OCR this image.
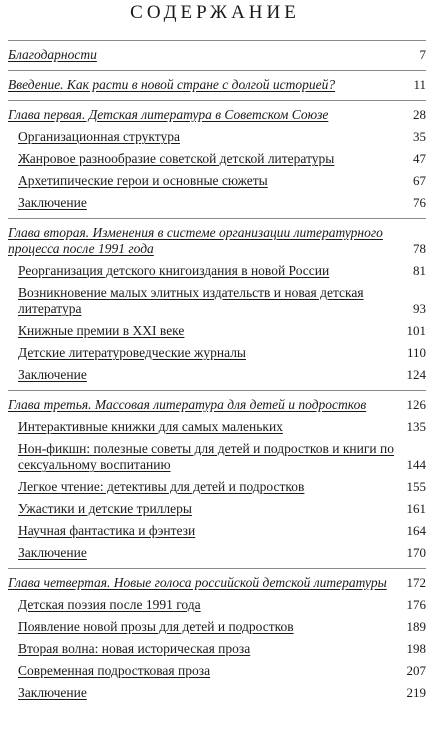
СОДЕРЖАНИЕ
Благодарности	7
Введение. Как расти в новой стране с долгой историей?	11
Глава первая. Детская литература в Советском Союзе	28
Организационная структура	35
Жанровое разнообразие советской детской литературы	47
Архетипические герои и основные сюжеты	67
Заключение	76
Глава вторая. Изменения в системе организации литературного процесса после 1991 года	78
Реорганизация детского книгоиздания в новой России	81
Возникновение малых элитных издательств и новая детская литература	93
Книжные премии в XXI веке	101
Детские литературоведческие журналы	110
Заключение	124
Глава третья. Массовая литература для детей и подростков	126
Интерактивные книжки для самых маленьких	135
Нон-фикшн: полезные советы для детей и подростков и книги по сексуальному воспитанию	144
Легкое чтение: детективы для детей и подростков	155
Ужастики и детские триллеры	161
Научная фантастика и фэнтези	164
Заключение	170
Глава четвертая. Новые голоса российской детской литературы	172
Детская поэзия после 1991 года	176
Появление новой прозы для детей и подростков	189
Вторая волна: новая историческая проза	198
Современная подростковая проза	207
Заключение	219
